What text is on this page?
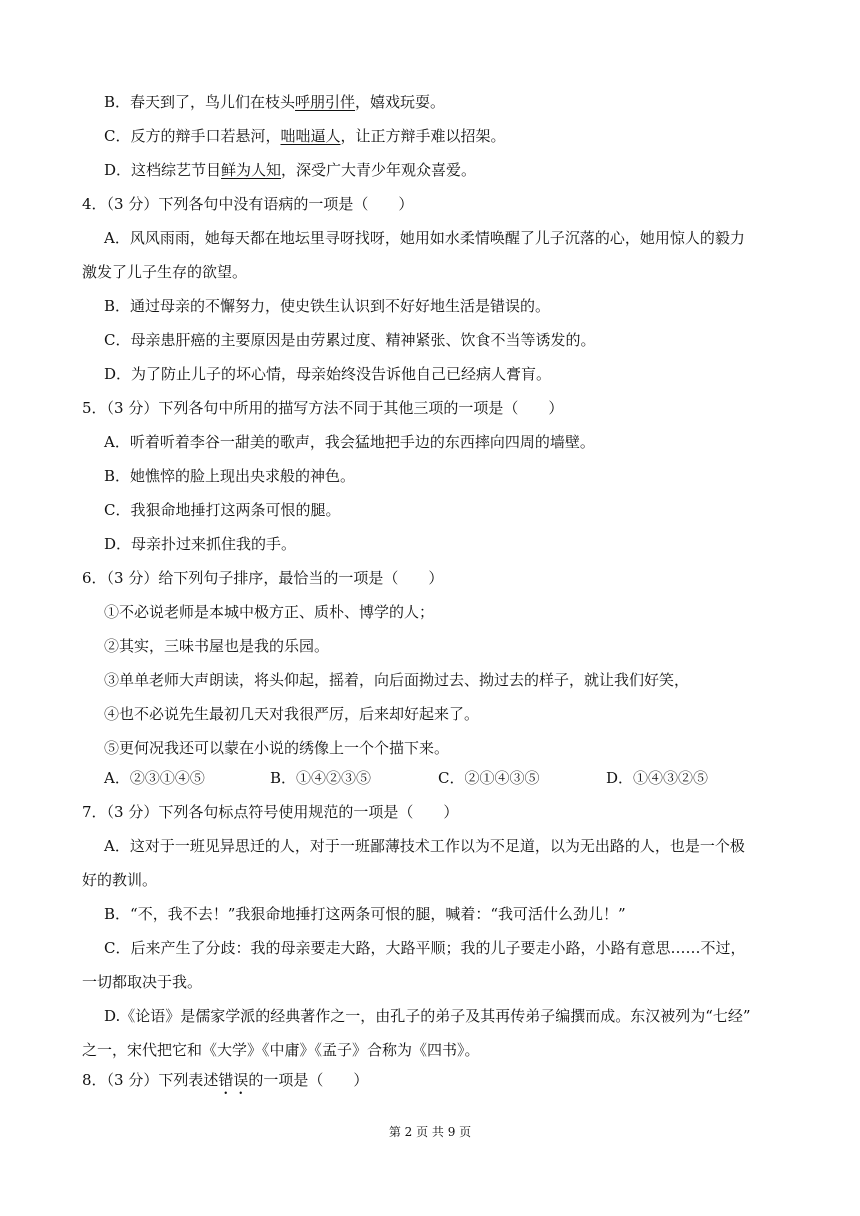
B．春天到了，鸟儿们在枝头呼朋引伴，嬉戏玩耍。
C．反方的辩手口若悬河，咄咄逼人，让正方辩手难以招架。
D．这档综艺节目鲜为人知，深受广大青少年观众喜爱。
4．（3 分）下列各句中没有语病的一项是（　　）
A．风风雨雨，她每天都在地坛里寻呀找呀，她用如水柔情唤醒了儿子沉落的心，她用惊人的毅力
激发了儿子生存的欲望。
B．通过母亲的不懈努力，使史铁生认识到不好好地生活是错误的。
C．母亲患肝癌的主要原因是由劳累过度、精神紧张、饮食不当等诱发的。
D．为了防止儿子的坏心情，母亲始终没告诉他自己已经病人膏肓。
5．（3 分）下列各句中所用的描写方法不同于其他三项的一项是（　　）
A．听着听着李谷一甜美的歌声，我会猛地把手边的东西摔向四周的墙壁。
B．她憔悴的脸上现出央求般的神色。
C．我狠命地捶打这两条可恨的腿。
D．母亲扑过来抓住我的手。
6．（3 分）给下列句子排序，最恰当的一项是（　　）
①不必说老师是本城中极方正、质朴、博学的人；
②其实，三味书屋也是我的乐园。
③单单老师大声朗读，将头仰起，摇着，向后面拗过去、拗过去的样子，就让我们好笑，
④也不必说先生最初几天对我很严厉，后来却好起来了。
⑤更何况我还可以蒙在小说的绣像上一个个描下来。
A．②③①④⑤	B．①④②③⑤	C．②①④③⑤	D．①④③②⑤
7．（3 分）下列各句标点符号使用规范的一项是（　　）
A．这对于一班见异思迁的人，对于一班鄙薄技术工作以为不足道，以为无出路的人，也是一个极
好的教训。
B．“不，我不去！”我狠命地捶打这两条可恨的腿，喊着：“我可活什么劲儿！”
C．后来产生了分歧：我的母亲要走大路，大路平顺；我的儿子要走小路，小路有意思……不过，
一切都取决于我。
D.《论语》是儒家学派的经典著作之一，由孔子的弟子及其再传弟子编撰而成。东汉被列为“七经”
之一，宋代把它和《大学》《中庸》《孟子》合称为《四书》。
8．（3 分）下列表述错误的一项是（　　）
第 2 页 共 9 页
